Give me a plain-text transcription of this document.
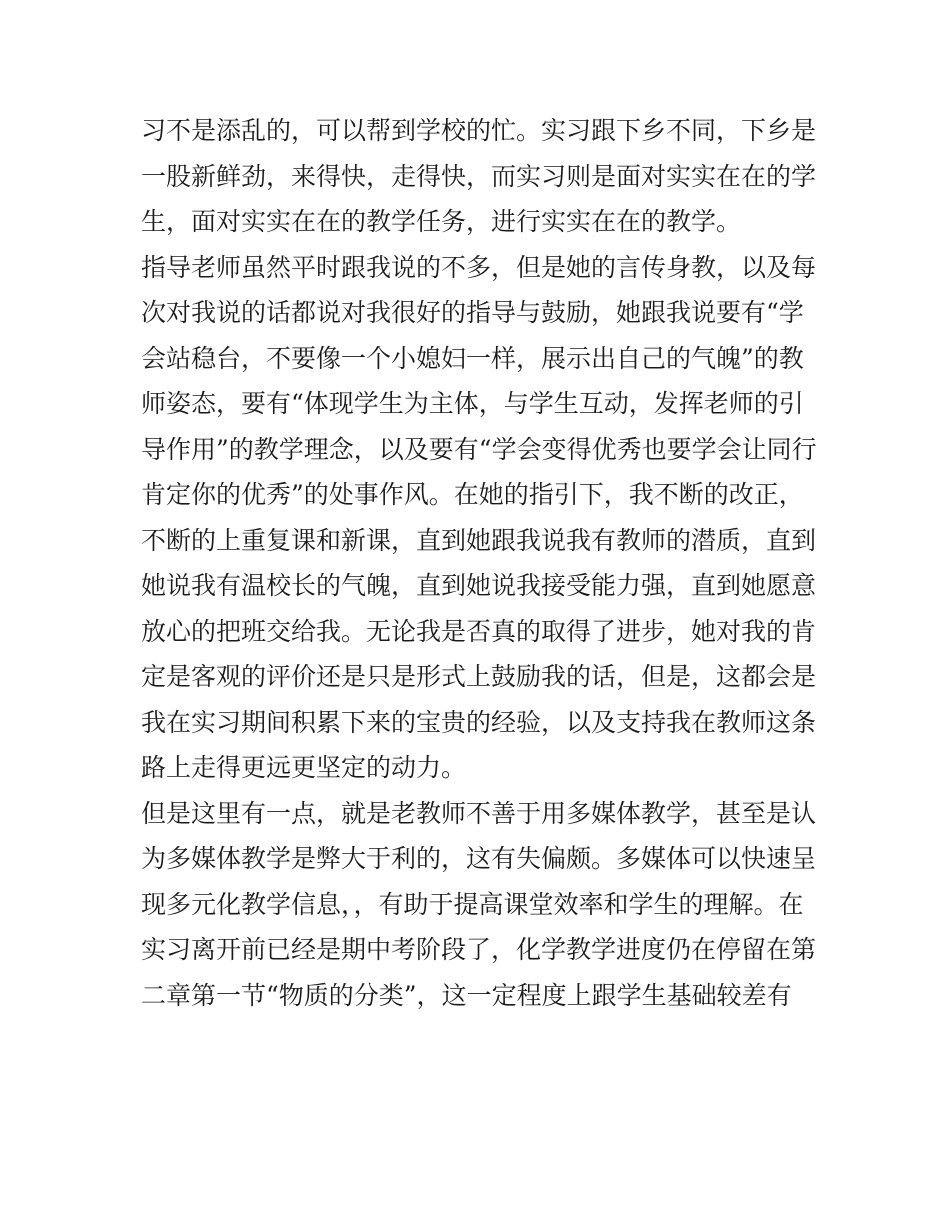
习不是添乱的，可以帮到学校的忙。实习跟下乡不同，下乡是
一股新鲜劲，来得快，走得快，而实习则是面对实实在在的学
生，面对实实在在的教学任务，进行实实在在的教学。
指导老师虽然平时跟我说的不多，但是她的言传身教，以及每
次对我说的话都说对我很好的指导与鼓励，她跟我说要有“学
会站稳台，不要像一个小媳妇一样，展示出自己的气魄”的教
师姿态，要有“体现学生为主体，与学生互动，发挥老师的引
导作用”的教学理念，以及要有“学会变得优秀也要学会让同行
肯定你的优秀”的处事作风。在她的指引下，我不断的改正，
不断的上重复课和新课，直到她跟我说我有教师的潜质，直到
她说我有温校长的气魄，直到她说我接受能力强，直到她愿意
放心的把班交给我。无论我是否真的取得了进步，她对我的肯
定是客观的评价还是只是形式上鼓励我的话，但是，这都会是
我在实习期间积累下来的宝贵的经验，以及支持我在教师这条
路上走得更远更坚定的动力。
但是这里有一点，就是老教师不善于用多媒体教学，甚至是认
为多媒体教学是弊大于利的，这有失偏颇。多媒体可以快速呈
现多元化教学信息，，有助于提高课堂效率和学生的理解。在
实习离开前已经是期中考阶段了，化学教学进度仍在停留在第
二章第一节“物质的分类”，这一定程度上跟学生基础较差有
